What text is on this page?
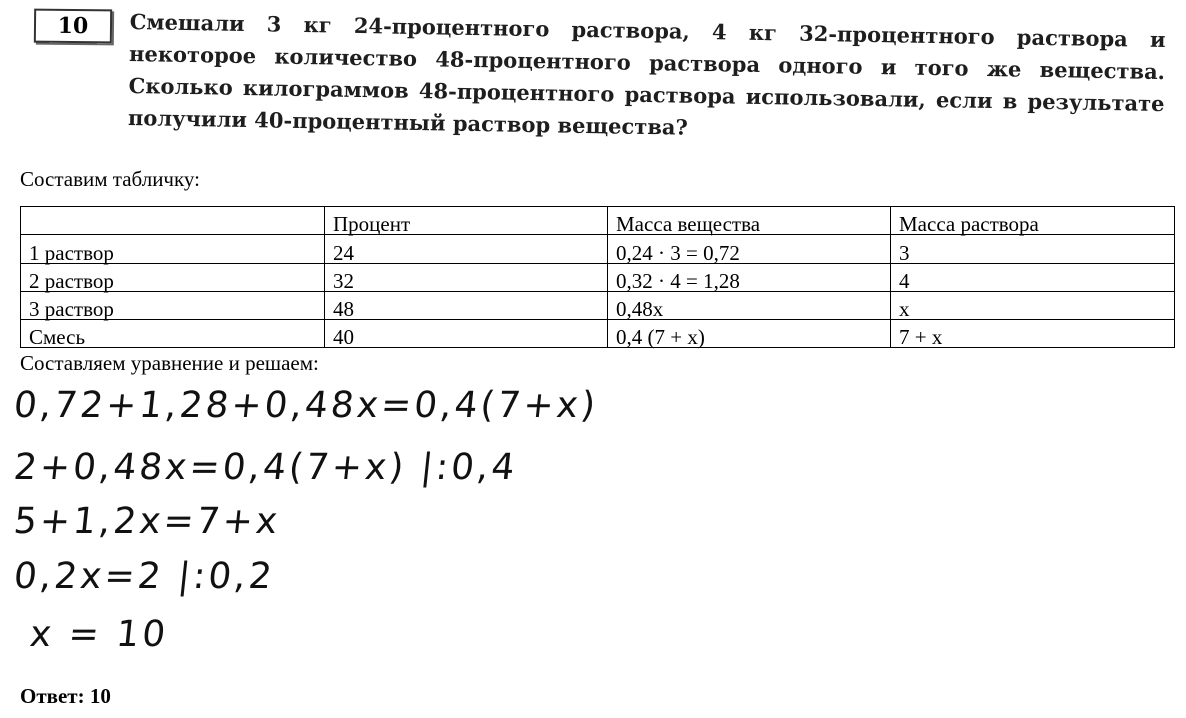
10	Смешали 3 кг 24-процентного раствора, 4 кг 32-процентного раствора и некоторое количество 48-процентного раствора одного и того же вещества. Сколько килограммов 48-процентного раствора использовали, если в результате получили 40-процентный раствор вещества?
Составим табличку:
	Процент	Масса вещества	Масса раствора
1 раствор	24	0,24 · 3 = 0,72	3
2 раствор	32	0,32 · 4 = 1,28	4
3 раствор	48	0,48x	x
Смесь	40	0,4 (7 + x)	7 + x
Составляем уравнение и решаем:
0,72+1,28+0,48x=0,4(7+x)
2+0,48x=0,4(7+x) |:0,4
5+1,2x=7+x
0,2x=2 |:0,2
x = 10
Ответ: 10
